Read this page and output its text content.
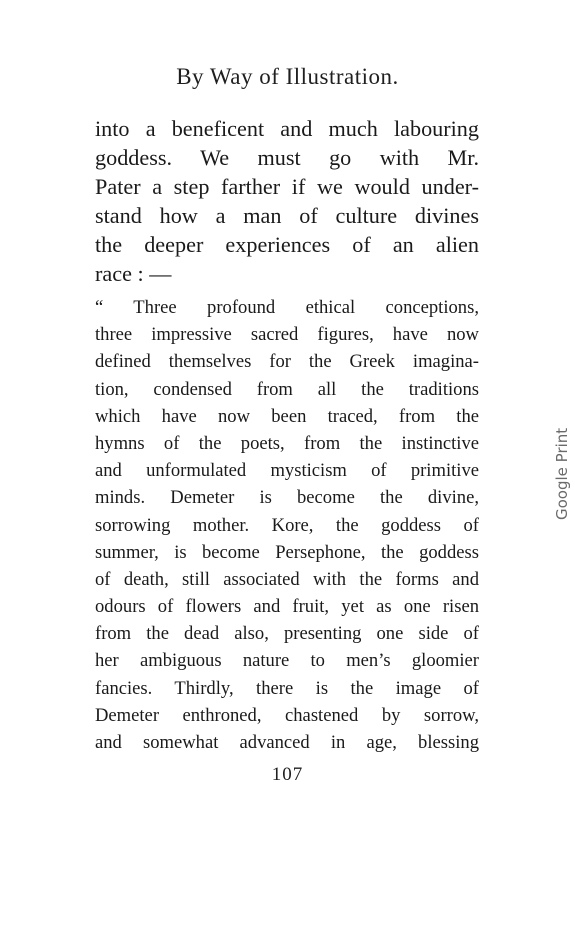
By Way of Illustration.
into a beneficent and much labouring
goddess. We must go with Mr.
Pater a step farther if we would under-
stand how a man of culture divines
the deeper experiences of an alien
race : —
“ Three profound ethical conceptions,
three impressive sacred figures, have now
defined themselves for the Greek imagina-
tion, condensed from all the traditions
which have now been traced, from the
hymns of the poets, from the instinctive
and unformulated mysticism of primitive
minds. Demeter is become the divine,
sorrowing mother. Kore, the goddess of
summer, is become Persephone, the goddess
of death, still associated with the forms and
odours of flowers and fruit, yet as one risen
from the dead also, presenting one side of
her ambiguous nature to men’s gloomier
fancies. Thirdly, there is the image of
Demeter enthroned, chastened by sorrow,
and somewhat advanced in age, blessing
107
Google Print
